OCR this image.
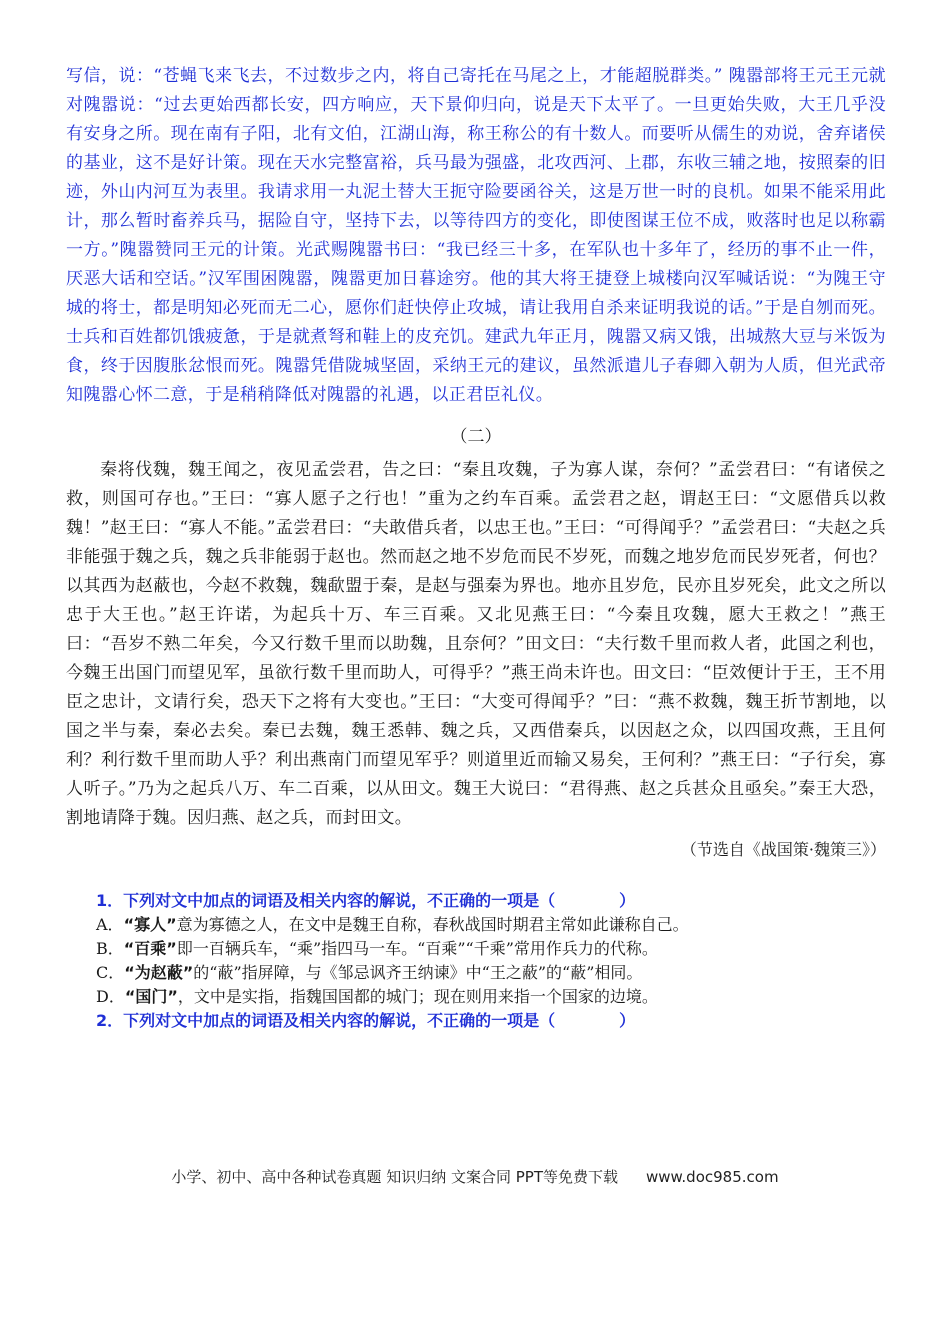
写信，说：“苍蝇飞来飞去，不过数步之内，将自己寄托在马尾之上，才能超脱群类。” 隗嚣部将王元王元就对隗嚣说：“过去更始西都长安，四方响应，天下景仰归向，说是天下太平了。一旦更始失败，大王几乎没有安身之所。现在南有子阳，北有文伯，江湖山海，称王称公的有十数人。而要听从儒生的劝说，舍弃诸侯的基业，这不是好计策。现在天水完整富裕，兵马最为强盛，北攻西河、上郡，东收三辅之地，按照秦的旧迹，外山内河互为表里。我请求用一丸泥土替大王扼守险要函谷关，这是万世一时的良机。如果不能采用此计，那么暂时畜养兵马，据险自守，坚持下去，以等待四方的变化，即使图谋王位不成，败落时也足以称霸一方。”隗嚣赞同王元的计策。光武赐隗嚣书曰：“我已经三十多，在军队也十多年了，经历的事不止一件，厌恶大话和空话。”汉军围困隗嚣，隗嚣更加日暮途穷。他的其大将王捷登上城楼向汉军喊话说：“为隗王守城的将士，都是明知必死而无二心，愿你们赶快停止攻城，请让我用自杀来证明我说的话。”于是自刎而死。士兵和百姓都饥饿疲惫，于是就煮弩和鞋上的皮充饥。建武九年正月，隗嚣又病又饿，出城熬大豆与米饭为食，终于因腹胀忿恨而死。隗嚣凭借陇城坚固，采纳王元的建议，虽然派遣儿子春卿入朝为人质，但光武帝知隗嚣心怀二意，于是稍稍降低对隗嚣的礼遇，以正君臣礼仪。

（二）

秦将伐魏，魏王闻之，夜见孟尝君，告之曰：“秦且攻魏，子为寡人谋，奈何？”孟尝君曰：“有诸侯之救，则国可存也。”王曰：“寡人愿子之行也！”重为之约车百乘。孟尝君之赵，谓赵王曰：“文愿借兵以救魏！”赵王曰：“寡人不能。”孟尝君曰：“夫敢借兵者，以忠王也。”王曰：“可得闻乎？”孟尝君曰：“夫赵之兵非能强于魏之兵，魏之兵非能弱于赵也。然而赵之地不岁危而民不岁死，而魏之地岁危而民岁死者，何也？以其西为赵蔽也，今赵不救魏，魏歃盟于秦，是赵与强秦为界也。地亦且岁危，民亦且岁死矣，此文之所以忠于大王也。”赵王许诺，为起兵十万、车三百乘。又北见燕王曰：“今秦且攻魏，愿大王救之！”燕王曰：“吾岁不熟二年矣，今又行数千里而以助魏，且奈何？”田文曰：“夫行数千里而救人者，此国之利也，今魏王出国门而望见军，虽欲行数千里而助人，可得乎？”燕王尚未许也。田文曰：“臣效便计于王，王不用臣之忠计，文请行矣，恐天下之将有大变也。”王曰：“大变可得闻乎？”曰：“燕不救魏，魏王折节割地，以国之半与秦，秦必去矣。秦已去魏，魏王悉韩、魏之兵，又西借秦兵，以因赵之众，以四国攻燕，王且何利？利行数千里而助人乎？利出燕南门而望见军乎？则道里近而输又易矣，王何利？”燕王曰：“子行矣，寡人听子。”乃为之起兵八万、车二百乘，以从田文。魏王大说曰：“君得燕、赵之兵甚众且亟矣。”秦王大恐，割地请降于魏。因归燕、赵之兵，而封田文。

（节选自《战国策·魏策三》）
1．下列对文中加点的词语及相关内容的解说，不正确的一项是（　　　　）
A．“寡人”意为寡德之人，在文中是魏王自称，春秋战国时期君主常如此谦称自己。
B．“百乘”即一百辆兵车，“乘”指四马一车。“百乘”“千乘”常用作兵力的代称。
C．“为赵蔽”的“蔽”指屏障，与《邹忌讽齐王纳谏》中“王之蔽”的“蔽”相同。
D．“国门”，文中是实指，指魏国国都的城门；现在则用来指一个国家的边境。
2．下列对文中加点的词语及相关内容的解说，不正确的一项是（　　　　）
小学、初中、高中各种试卷真题 知识归纳 文案合同 PPT等免费下载 www.doc985.com
